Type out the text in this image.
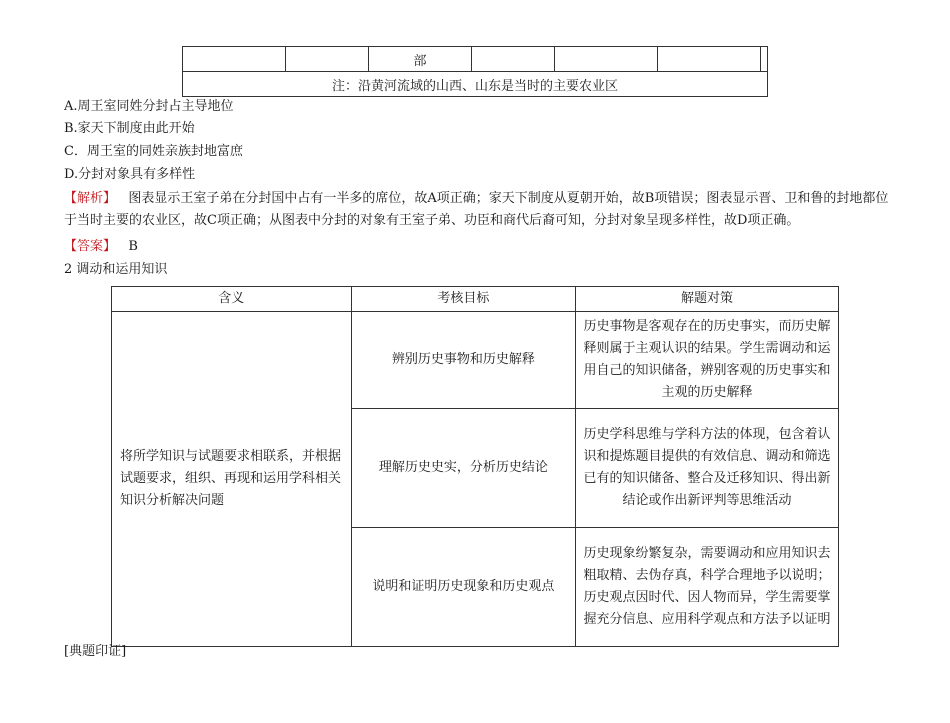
		部				
注：沿黄河流域的山西、山东是当时的主要农业区
A.周王室同姓分封占主导地位
B.家天下制度由此开始
C．周王室的同姓亲族封地富庶
D.分封对象具有多样性
【解析】 图表显示王室子弟在分封国中占有一半多的席位，故A项正确；家天下制度从夏朝开始，故B项错误；图表显示晋、卫和鲁的封地都位于当时主要的农业区，故C项正确；从图表中分封的对象有王室子弟、功臣和商代后裔可知，分封对象呈现多样性，故D项正确。
【答案】 B
2 调动和运用知识
含义	考核目标	解题对策
将所学知识与试题要求相联系，并根据试题要求，组织、再现和运用学科相关知识分析解决问题	辨别历史事物和历史解释	历史事物是客观存在的历史事实，而历史解释则属于主观认识的结果。学生需调动和运用自己的知识储备，辨别客观的历史事实和主观的历史解释
	理解历史史实，分析历史结论	历史学科思维与学科方法的体现，包含着认识和提炼题目提供的有效信息、调动和筛选已有的知识储备、整合及迁移知识、得出新结论或作出新评判等思维活动
	说明和证明历史现象和历史观点	历史现象纷繁复杂，需要调动和应用知识去粗取精、去伪存真，科学合理地予以说明；历史观点因时代、因人物而异，学生需要掌握充分信息、应用科学观点和方法予以证明
[典题印证]
